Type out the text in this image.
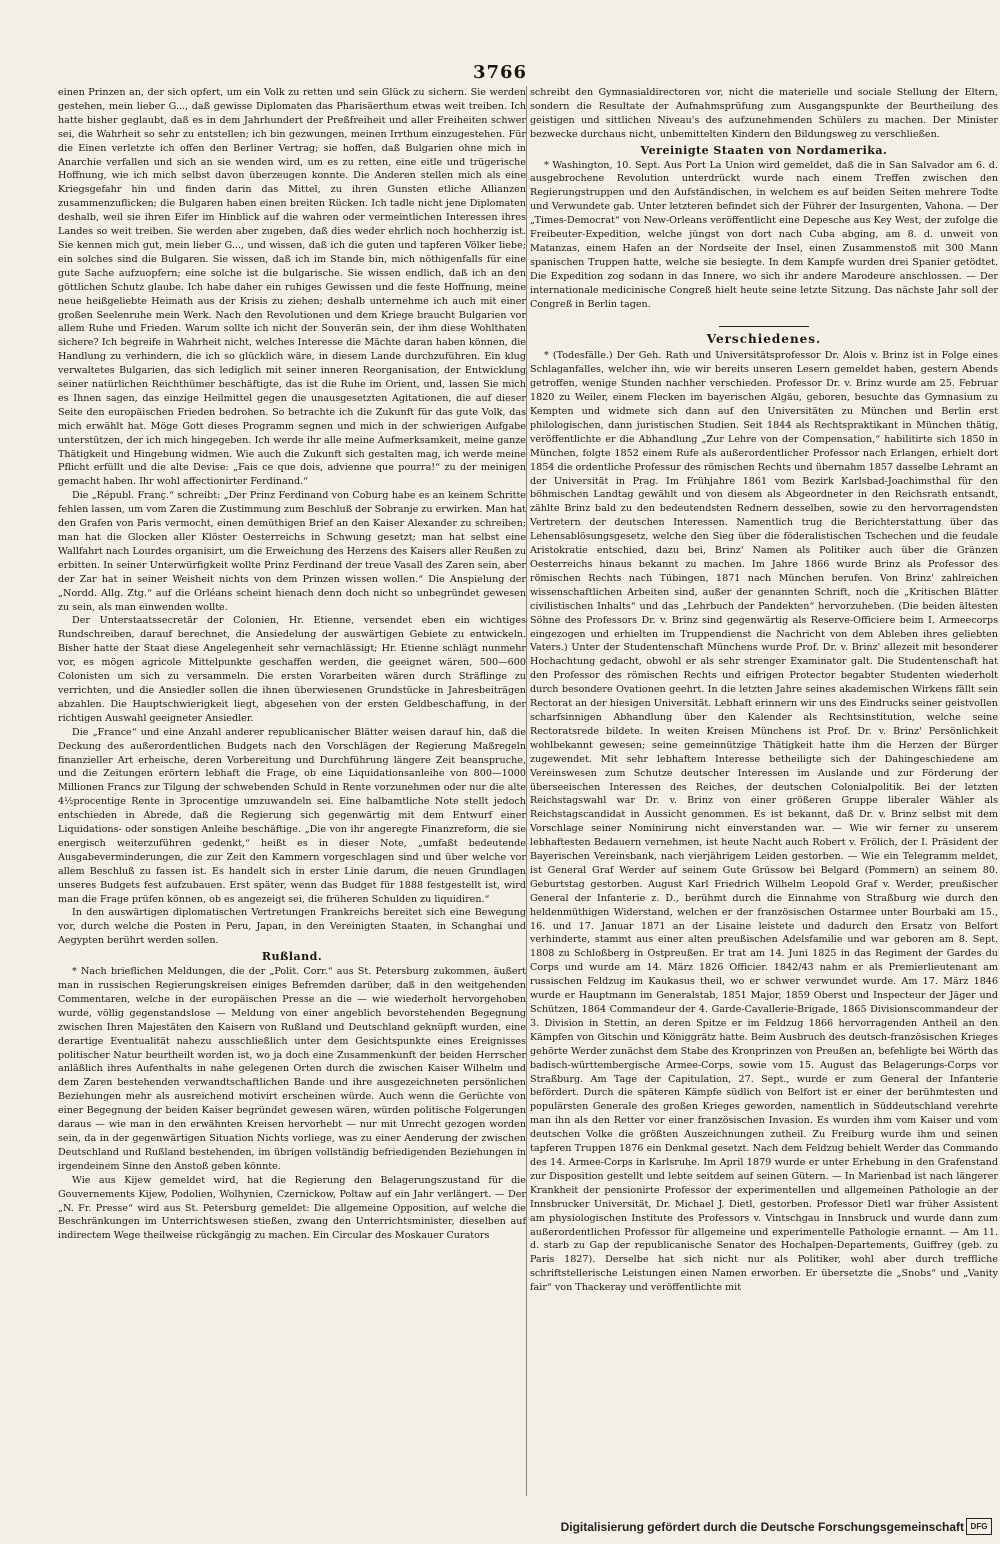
3766

einen Prinzen an, der sich opfert, um ein Volk zu retten und sein Glück zu sichern. Sie werden gestehen, mein lieber G..., daß gewisse Diplomaten das Pharisäerthum etwas weit treiben. Ich hatte bisher geglaubt, daß es in dem Jahrhundert der Preßfreiheit und aller Freiheiten schwer sei, die Wahrheit so sehr zu entstellen; ich bin gezwungen, meinen Irrthum einzugestehen. Für die Einen verletzte ich offen den Berliner Vertrag; sie hoffen, daß Bulgarien ohne mich in Anarchie verfallen und sich an sie wenden wird, um es zu retten, eine eitle und trügerische Hoffnung, wie ich mich selbst davon überzeugen konnte. Die Anderen stellen mich als eine Kriegsgefahr hin und finden darin das Mittel, zu ihren Gunsten etliche Allianzen zusammenzuflicken; die Bulgaren haben einen breiten Rücken. Ich tadle nicht jene Diplomaten deshalb, weil sie ihren Eifer im Hinblick auf die wahren oder vermeintlichen Interessen ihres Landes so weit treiben. Sie werden aber zugeben, daß dies weder ehrlich noch hochherzig ist. Sie kennen mich gut, mein lieber G..., und wissen, daß ich die guten und tapferen Völker liebe; ein solches sind die Bulgaren. Sie wissen, daß ich im Stande bin, mich nöthigenfalls für eine gute Sache aufzuopfern; eine solche ist die bulgarische. Sie wissen endlich, daß ich an den göttlichen Schutz glaube. Ich habe daher ein ruhiges Gewissen und die feste Hoffnung, meine neue heißgeliebte Heimath aus der Krisis zu ziehen; deshalb unternehme ich auch mit einer großen Seelenruhe mein Werk. Nach den Revolutionen und dem Kriege braucht Bulgarien vor allem Ruhe und Frieden. Warum sollte ich nicht der Souverän sein, der ihm diese Wohlthaten sichere? Ich begreife in Wahrheit nicht, welches Interesse die Mächte daran haben können, die Handlung zu verhindern, die ich so glücklich wäre, in diesem Lande durchzuführen. Ein klug verwaltetes Bulgarien, das sich lediglich mit seiner inneren Reorganisation, der Entwicklung seiner natürlichen Reichthümer beschäftigte, das ist die Ruhe im Orient, und, lassen Sie mich es Ihnen sagen, das einzige Heilmittel gegen die unausgesetzten Agitationen, die auf dieser Seite den europäischen Frieden bedrohen. So betrachte ich die Zukunft für das gute Volk, das mich erwählt hat. Möge Gott dieses Programm segnen und mich in der schwierigen Aufgabe unterstützen, der ich mich hingegeben. Ich werde ihr alle meine Aufmerksamkeit, meine ganze Thätigkeit und Hingebung widmen. Wie auch die Zukunft sich gestalten mag, ich werde meine Pflicht erfüllt und die alte Devise: „Fais ce que dois, advienne que pourra!“ zu der meinigen gemacht haben. Ihr wohl affectionirter Ferdinand.“

Die „Républ. Franç.“ schreibt: „Der Prinz Ferdinand von Coburg habe es an keinem Schritte fehlen lassen, um vom Zaren die Zustimmung zum Beschluß der Sobranje zu erwirken. Man hat den Grafen von Paris vermocht, einen demüthigen Brief an den Kaiser Alexander zu schreiben; man hat die Glocken aller Klöster Oesterreichs in Schwung gesetzt; man hat selbst eine Wallfahrt nach Lourdes organisirt, um die Erweichung des Herzens des Kaisers aller Reußen zu erbitten. In seiner Unterwürfigkeit wollte Prinz Ferdinand der treue Vasall des Zaren sein, aber der Zar hat in seiner Weisheit nichts von dem Prinzen wissen wollen.“ Die Anspielung der „Nordd. Allg. Ztg.“ auf die Orléans scheint hienach denn doch nicht so unbegründet gewesen zu sein, als man einwenden wollte.

Der Unterstaatssecretär der Colonien, Hr. Etienne, versendet eben ein wichtiges Rundschreiben, darauf berechnet, die Ansiedelung der auswärtigen Gebiete zu entwickeln. Bisher hatte der Staat diese Angelegenheit sehr vernachlässigt; Hr. Etienne schlägt nunmehr vor, es mögen agricole Mittelpunkte geschaffen werden, die geeignet wären, 500—600 Colonisten um sich zu versammeln. Die ersten Vorarbeiten wären durch Sträflinge zu verrichten, und die Ansiedler sollen die ihnen überwiesenen Grundstücke in Jahresbeiträgen abzahlen. Die Hauptschwierigkeit liegt, abgesehen von der ersten Geldbeschaffung, in der richtigen Auswahl geeigneter Ansiedler.

Die „France“ und eine Anzahl anderer republicanischer Blätter weisen darauf hin, daß die Deckung des außerordentlichen Budgets nach den Vorschlägen der Regierung Maßregeln finanzieller Art erheische, deren Vorbereitung und Durchführung längere Zeit beanspruche, und die Zeitungen erörtern lebhaft die Frage, ob eine Liquidationsanleihe von 800—1000 Millionen Francs zur Tilgung der schwebenden Schuld in Rente vorzunehmen oder nur die alte 4½procentige Rente in 3procentige umzuwandeln sei. Eine halbamtliche Note stellt jedoch entschieden in Abrede, daß die Regierung sich gegenwärtig mit dem Entwurf einer Liquidations- oder sonstigen Anleihe beschäftige. „Die von ihr angeregte Finanzreform, die sie energisch weiterzuführen gedenkt,“ heißt es in dieser Note, „umfaßt bedeutende Ausgabeverminderungen, die zur Zeit den Kammern vorgeschlagen sind und über welche vor allem Beschluß zu fassen ist. Es handelt sich in erster Linie darum, die neuen Grundlagen unseres Budgets fest aufzubauen. Erst später, wenn das Budget für 1888 festgestellt ist, wird man die Frage prüfen können, ob es angezeigt sei, die früheren Schulden zu liquidiren.“

In den auswärtigen diplomatischen Vertretungen Frankreichs bereitet sich eine Bewegung vor, durch welche die Posten in Peru, Japan, in den Vereinigten Staaten, in Schanghai und Aegypten berührt werden sollen.

Rußland.

* Nach brieflichen Meldungen, die der „Polit. Corr.“ aus St. Petersburg zukommen, äußert man in russischen Regierungskreisen einiges Befremden darüber, daß in den weitgehenden Commentaren, welche in der europäischen Presse an die — wie wiederholt hervorgehoben wurde, völlig gegenstandslose — Meldung von einer angeblich bevorstehenden Begegnung zwischen Ihren Majestäten den Kaisern von Rußland und Deutschland geknüpft wurden, eine derartige Eventualität nahezu ausschließlich unter dem Gesichtspunkte eines Ereignisses politischer Natur beurtheilt worden ist, wo ja doch eine Zusammenkunft der beiden Herrscher anläßlich ihres Aufenthalts in nahe gelegenen Orten durch die zwischen Kaiser Wilhelm und dem Zaren bestehenden verwandtschaftlichen Bande und ihre ausgezeichneten persönlichen Beziehungen mehr als ausreichend motivirt erscheinen würde. Auch wenn die Gerüchte von einer Begegnung der beiden Kaiser begründet gewesen wären, würden politische Folgerungen daraus — wie man in den erwähnten Kreisen hervorhebt — nur mit Unrecht gezogen worden sein, da in der gegenwärtigen Situation Nichts vorliege, was zu einer Aenderung der zwischen Deutschland und Rußland bestehenden, im übrigen vollständig befriedigenden Beziehungen in irgendeinem Sinne den Anstoß geben könnte.

Wie aus Kijew gemeldet wird, hat die Regierung den Belagerungszustand für die Gouvernements Kijew, Podolien, Wolhynien, Czernickow, Poltaw auf ein Jahr verlängert. — Der „N. Fr. Presse“ wird aus St. Petersburg gemeldet: Die allgemeine Opposition, auf welche die Beschränkungen im Unterrichtswesen stießen, zwang den Unterrichtsminister, dieselben auf indirectem Wege theilweise rückgängig zu machen. Ein Circular des Moskauer Curators

schreibt den Gymnasialdirectoren vor, nicht die materielle und sociale Stellung der Eltern, sondern die Resultate der Aufnahmsprüfung zum Ausgangspunkte der Beurtheilung des geistigen und sittlichen Niveau's des aufzunehmenden Schülers zu machen. Der Minister bezwecke durchaus nicht, unbemittelten Kindern den Bildungsweg zu verschließen.

Vereinigte Staaten von Nordamerika.

* Washington, 10. Sept. Aus Port La Union wird gemeldet, daß die in San Salvador am 6. d. ausgebrochene Revolution unterdrückt wurde nach einem Treffen zwischen den Regierungstruppen und den Aufständischen, in welchem es auf beiden Seiten mehrere Todte und Verwundete gab. Unter letzteren befindet sich der Führer der Insurgenten, Vahona. — Der „Times-Democrat“ von New-Orleans veröffentlicht eine Depesche aus Key West, der zufolge die Freibeuter-Expedition, welche jüngst von dort nach Cuba abging, am 8. d. unweit von Matanzas, einem Hafen an der Nordseite der Insel, einen Zusammenstoß mit 300 Mann spanischen Truppen hatte, welche sie besiegte. In dem Kampfe wurden drei Spanier getödtet. Die Expedition zog sodann in das Innere, wo sich ihr andere Marodeure anschlossen. — Der internationale medicinische Congreß hielt heute seine letzte Sitzung. Das nächste Jahr soll der Congreß in Berlin tagen.

Verschiedenes.

* (Todesfälle.) Der Geh. Rath und Universitätsprofessor Dr. Alois v. Brinz ist in Folge eines Schlaganfalles, welcher ihn, wie wir bereits unseren Lesern gemeldet haben, gestern Abends getroffen, wenige Stunden nachher verschieden. Professor Dr. v. Brinz wurde am 25. Februar 1820 zu Weiler, einem Flecken im bayerischen Algäu, geboren, besuchte das Gymnasium zu Kempten und widmete sich dann auf den Universitäten zu München und Berlin erst philologischen, dann juristischen Studien. Seit 1844 als Rechtspraktikant in München thätig, veröffentlichte er die Abhandlung „Zur Lehre von der Compensation,“ habilitirte sich 1850 in München, folgte 1852 einem Rufe als außerordentlicher Professor nach Erlangen, erhielt dort 1854 die ordentliche Professur des römischen Rechts und übernahm 1857 dasselbe Lehramt an der Universität in Prag. Im Frühjahre 1861 vom Bezirk Karlsbad-Joachimsthal für den böhmischen Landtag gewählt und von diesem als Abgeordneter in den Reichsrath entsandt, zählte Brinz bald zu den bedeutendsten Rednern desselben, sowie zu den hervorragendsten Vertretern der deutschen Interessen. Namentlich trug die Berichterstattung über das Lehensablösungsgesetz, welche den Sieg über die föderalistischen Tschechen und die feudale Aristokratie entschied, dazu bei, Brinz' Namen als Politiker auch über die Gränzen Oesterreichs hinaus bekannt zu machen. Im Jahre 1866 wurde Brinz als Professor des römischen Rechts nach Tübingen, 1871 nach München berufen. Von Brinz' zahlreichen wissenschaftlichen Arbeiten sind, außer der genannten Schrift, noch die „Kritischen Blätter civilistischen Inhalts“ und das „Lehrbuch der Pandekten“ hervorzuheben. (Die beiden ältesten Söhne des Professors Dr. v. Brinz sind gegenwärtig als Reserve-Officiere beim I. Armeecorps eingezogen und erhielten im Truppendienst die Nachricht von dem Ableben ihres geliebten Vaters.) Unter der Studentenschaft Münchens wurde Prof. Dr. v. Brinz' allezeit mit besonderer Hochachtung gedacht, obwohl er als sehr strenger Examinator galt. Die Studentenschaft hat den Professor des römischen Rechts und eifrigen Protector begabter Studenten wiederholt durch besondere Ovationen geehrt. In die letzten Jahre seines akademischen Wirkens fällt sein Rectorat an der hiesigen Universität. Lebhaft erinnern wir uns des Eindrucks seiner geistvollen scharfsinnigen Abhandlung über den Kalender als Rechtsinstitution, welche seine Rectoratsrede bildete. In weiten Kreisen Münchens ist Prof. Dr. v. Brinz' Persönlichkeit wohlbekannt gewesen; seine gemeinnützige Thätigkeit hatte ihm die Herzen der Bürger zugewendet. Mit sehr lebhaftem Interesse betheiligte sich der Dahingeschiedene am Vereinswesen zum Schutze deutscher Interessen im Auslande und zur Förderung der überseeischen Interessen des Reiches, der deutschen Colonialpolitik. Bei der letzten Reichstagswahl war Dr. v. Brinz von einer größeren Gruppe liberaler Wähler als Reichstagscandidat in Aussicht genommen. Es ist bekannt, daß Dr. v. Brinz selbst mit dem Vorschlage seiner Nominirung nicht einverstanden war. — Wie wir ferner zu unserem lebhaftesten Bedauern vernehmen, ist heute Nacht auch Robert v. Frölich, der I. Präsident der Bayerischen Vereinsbank, nach vierjährigem Leiden gestorben. — Wie ein Telegramm meldet, ist General Graf Werder auf seinem Gute Grüssow bei Belgard (Pommern) an seinem 80. Geburtstag gestorben. August Karl Friedrich Wilhelm Leopold Graf v. Werder, preußischer General der Infanterie z. D., berühmt durch die Einnahme von Straßburg wie durch den heldenmüthigen Widerstand, welchen er der französischen Ostarmee unter Bourbaki am 15., 16. und 17. Januar 1871 an der Lisaine leistete und dadurch den Ersatz von Belfort verhinderte, stammt aus einer alten preußischen Adelsfamilie und war geboren am 8. Sept. 1808 zu Schloßberg in Ostpreußen. Er trat am 14. Juni 1825 in das Regiment der Gardes du Corps und wurde am 14. März 1826 Officier. 1842/43 nahm er als Premierlieutenant am russischen Feldzug im Kaukasus theil, wo er schwer verwundet wurde. Am 17. März 1846 wurde er Hauptmann im Generalstab, 1851 Major, 1859 Oberst und Inspecteur der Jäger und Schützen, 1864 Commandeur der 4. Garde-Cavallerie-Brigade, 1865 Divisionscommandeur der 3. Division in Stettin, an deren Spitze er im Feldzug 1866 hervorragenden Antheil an den Kämpfen von Gitschin und Königgrätz hatte. Beim Ausbruch des deutsch-französischen Krieges gehörte Werder zunächst dem Stabe des Kronprinzen von Preußen an, befehligte bei Wörth das badisch-württembergische Armee-Corps, sowie vom 15. August das Belagerungs-Corps vor Straßburg. Am Tage der Capitulation, 27. Sept., wurde er zum General der Infanterie befördert. Durch die späteren Kämpfe südlich von Belfort ist er einer der berühmtesten und populärsten Generale des großen Krieges geworden, namentlich in Süddeutschland verehrte man ihn als den Retter vor einer französischen Invasion. Es wurden ihm vom Kaiser und vom deutschen Volke die größten Auszeichnungen zutheil. Zu Freiburg wurde ihm und seinen tapferen Truppen 1876 ein Denkmal gesetzt. Nach dem Feldzug behielt Werder das Commando des 14. Armee-Corps in Karlsruhe. Im April 1879 wurde er unter Erhebung in den Grafenstand zur Disposition gestellt und lebte seitdem auf seinen Gütern. — In Marienbad ist nach längerer Krankheit der pensionirte Professor der experimentellen und allgemeinen Pathologie an der Innsbrucker Universität, Dr. Michael J. Dietl, gestorben. Professor Dietl war früher Assistent am physiologischen Institute des Professors v. Vintschgau in Innsbruck und wurde dann zum außerordentlichen Professor für allgemeine und experimentelle Pathologie ernannt. — Am 11. d. starb zu Gap der republicanische Senator des Hochalpen-Departements, Guiffrey (geb. zu Paris 1827). Derselbe hat sich nicht nur als Politiker, wohl aber durch treffliche schriftstellerische Leistungen einen Namen erworben. Er übersetzte die „Snobs“ und „Vanity fair“ von Thackeray und veröffentlichte mit

Digitalisierung gefördert durch die Deutsche Forschungsgemeinschaft DFG
